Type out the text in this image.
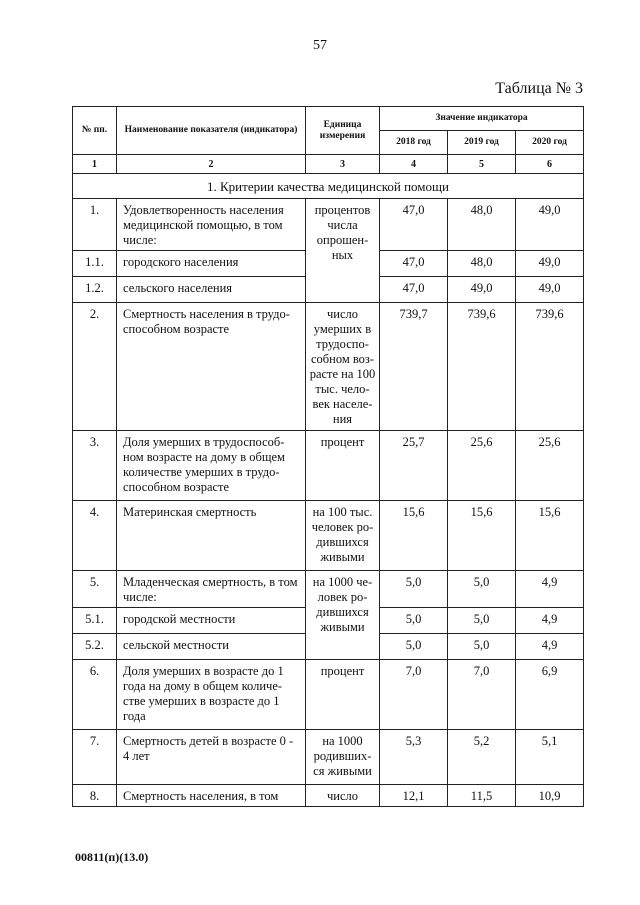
57
Таблица № 3
№ пп.	Наименование показателя (индикатора)	Единица измерения	Значение индикатора		
			2018 год	2019 год	2020 год
1	2	3	4	5	6
1. Критерии качества медицинской помощи					
1.	Удовлетворенность населения медицинской помощью, в том числе:	процентов числа опрошен-ных	47,0	48,0	49,0
1.1.	городского населения		47,0	48,0	49,0
1.2.	сельского населения		47,0	49,0	49,0
2.	Смертность населения в трудо-способном возрасте	число умерших в трудоспо-собном воз-расте на 100 тыс. чело-век населе-ния	739,7	739,6	739,6
3.	Доля умерших в трудоспособ-ном возрасте на дому в общем количестве умерших в трудо-способном возрасте	процент	25,7	25,6	25,6
4.	Материнская смертность	на 100 тыс. человек ро-дившихся живыми	15,6	15,6	15,6
5.	Младенческая смертность, в том числе:	на 1000 че-ловек ро-дившихся живыми	5,0	5,0	4,9
5.1.	городской местности		5,0	5,0	4,9
5.2.	сельской местности		5,0	5,0	4,9
6.	Доля умерших в возрасте до 1 года на дому в общем количе-стве умерших в возрасте до 1 года	процент	7,0	7,0	6,9
7.	Смертность детей в возрасте 0 - 4 лет	на 1000 родивших-ся живыми	5,3	5,2	5,1
8.	Смертность населения, в том	число	12,1	11,5	10,9
00811(п)(13.0)
